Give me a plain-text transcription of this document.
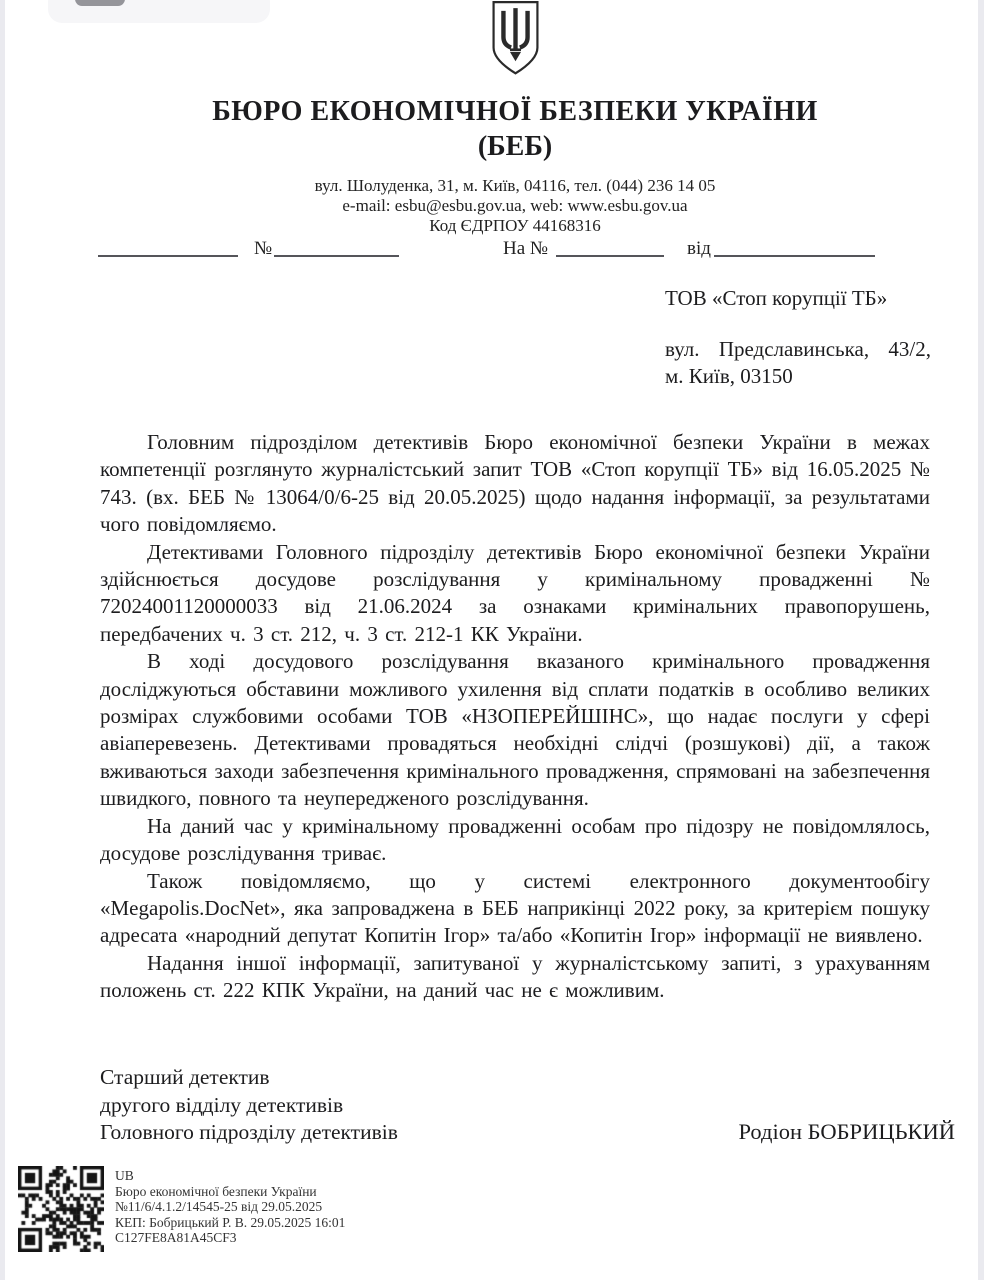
БЮРО ЕКОНОМІЧНОЇ БЕЗПЕКИ УКРАЇНИ
(БЕБ)
вул. Шолуденка, 31, м. Київ, 04116, тел. (044) 236 14 05
e-mail: esbu@esbu.gov.ua, web: www.esbu.gov.ua
Код ЄДРПОУ 44168316
№	На №	від
ТОВ «Стоп корупції ТБ»
вул. Предславинська, 43/2,
м. Київ, 03150

Головним підрозділом детективів Бюро економічної безпеки України в межах компетенції розглянуто журналістський запит ТОВ «Стоп корупції ТБ» від 16.05.2025 № 743. (вх. БЕБ № 13064/0/6-25 від 20.05.2025) щодо надання інформації, за результатами чого повідомляємо.

Детективами Головного підрозділу детективів Бюро економічної безпеки України здійснюється досудове розслідування у кримінальному провадженні № 72024001120000033 від 21.06.2024 за ознаками кримінальних правопорушень, передбачених ч. 3 ст. 212, ч. 3 ст. 212-1 КК України.

В ході досудового розслідування вказаного кримінального провадження досліджуються обставини можливого ухилення від сплати податків в особливо великих розмірах службовими особами ТОВ «НЗОПЕРЕЙШІНС», що надає послуги у сфері авіаперевезень. Детективами провадяться необхідні слідчі (розшукові) дії, а також вживаються заходи забезпечення кримінального провадження, спрямовані на забезпечення швидкого, повного та неупередженого розслідування.

На даний час у кримінальному провадженні особам про підозру не повідомлялось, досудове розслідування триває.

Також повідомляємо, що у системі електронного документообігу «Megapolis.DocNet», яка запроваджена в БЕБ наприкінці 2022 року, за критерієм пошуку адресата «народний депутат Копитін Ігор» та/або «Копитін Ігор» інформації не виявлено.

Надання іншої інформації, запитуваної у журналістському запиті, з урахуванням положень ст. 222 КПК України, на даний час не є можливим.

Старший детектив
другого відділу детективів
Головного підрозділу детективів	Родіон БОБРИЦЬКИЙ
UB
Бюро економічної безпеки України
№11/6/4.1.2/14545-25 від 29.05.2025
КЕП: Бобрицький Р. В. 29.05.2025 16:01
C127FE8A81A45CF3
